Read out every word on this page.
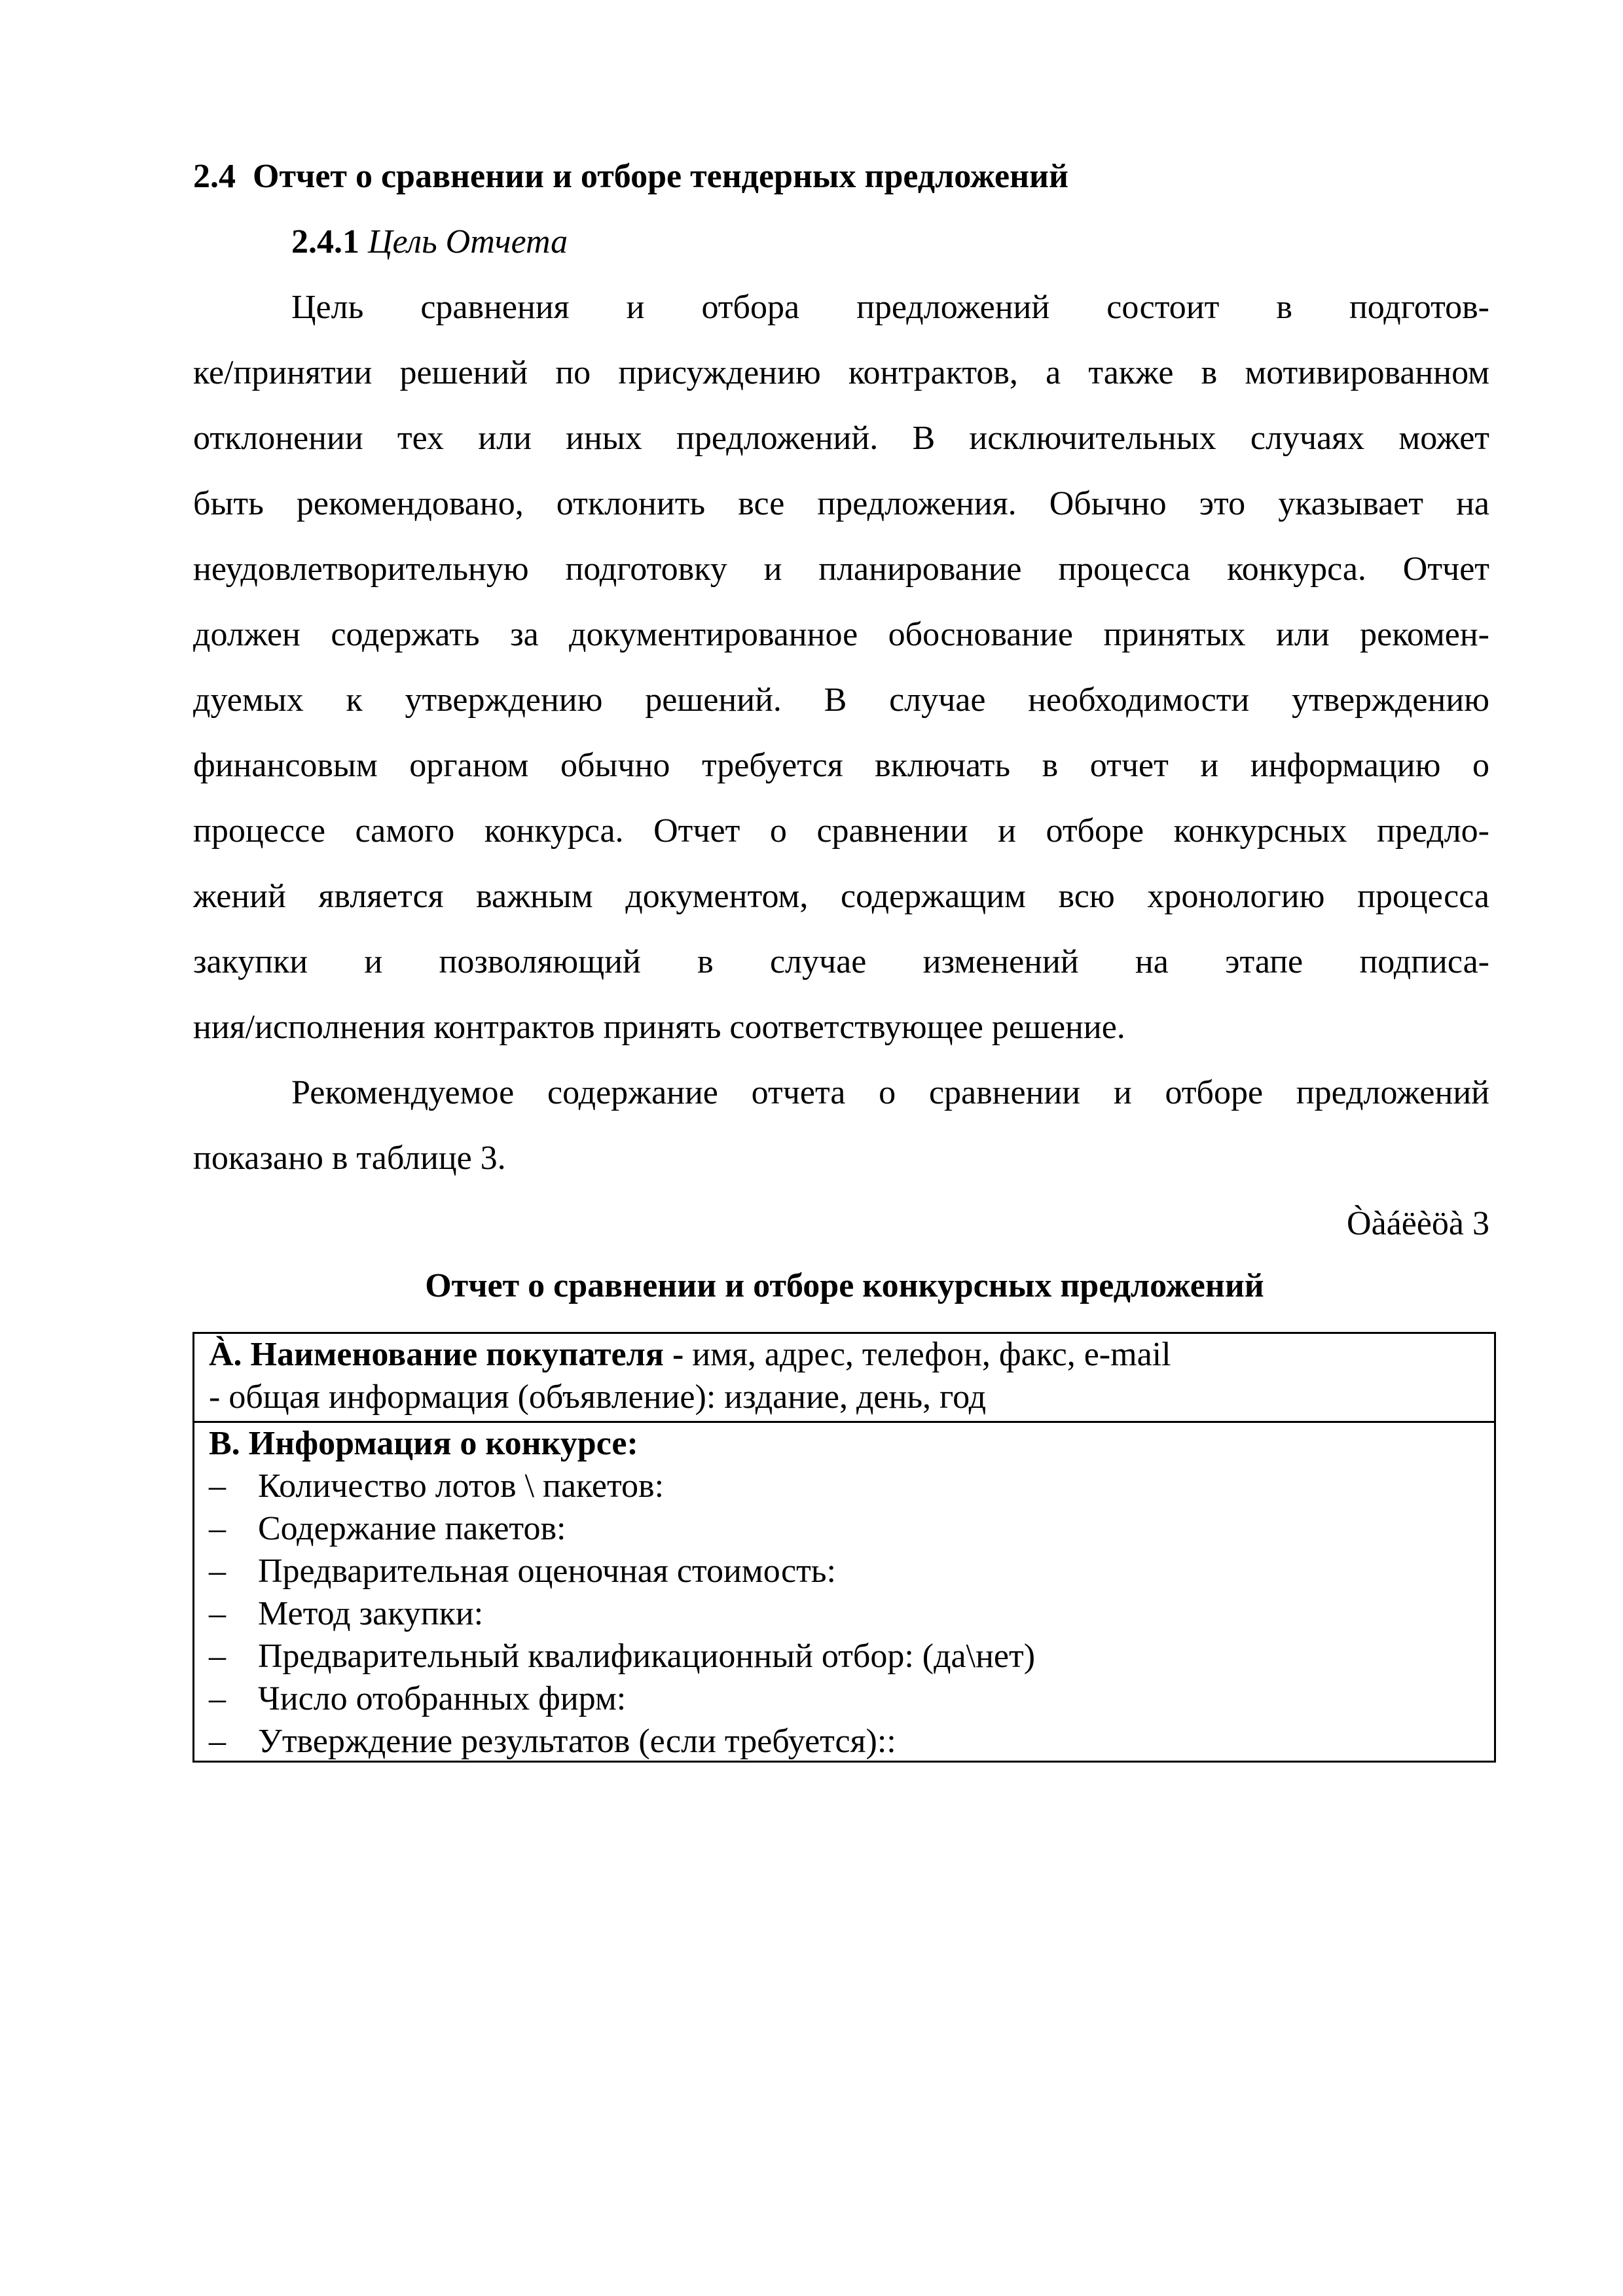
2.4 Отчет о сравнении и отборе тендерных предложений
2.4.1 Цель Отчета
Цель сравнения и отбора предложений состоит в подготов-
ке/принятии решений по присуждению контрактов, а также в мотивированном
отклонении тех или иных предложений. В исключительных случаях может
быть рекомендовано, отклонить все предложения. Обычно это указывает на
неудовлетворительную подготовку и планирование процесса конкурса. Отчет
должен содержать за документированное обоснование принятых или рекомен-
дуемых к утверждению решений. В случае необходимости утверждению
финансовым органом обычно требуется включать в отчет и информацию о
процессе самого конкурса. Отчет о сравнении и отборе конкурсных предло-
жений является важным документом, содержащим всю хронологию процесса
закупки и позволяющий в случае изменений на этапе подписа-
ния/исполнения контрактов принять соответствующее решение.
Рекомендуемое содержание отчета о сравнении и отборе предложений
показано в таблице 3.
Òàáëèöà 3
Отчет о сравнении и отборе конкурсных предложений
À. Наименование покупателя - имя, адрес, телефон, факс, e-mail
- общая информация (объявление): издание, день, год
B. Информация о конкурсе:
– Количество лотов \ пакетов:
– Содержание пакетов:
– Предварительная оценочная стоимость:
– Метод закупки:
– Предварительный квалификационный отбор: (да\нет)
– Число отобранных фирм:
– Утверждение результатов (если требуется)::
